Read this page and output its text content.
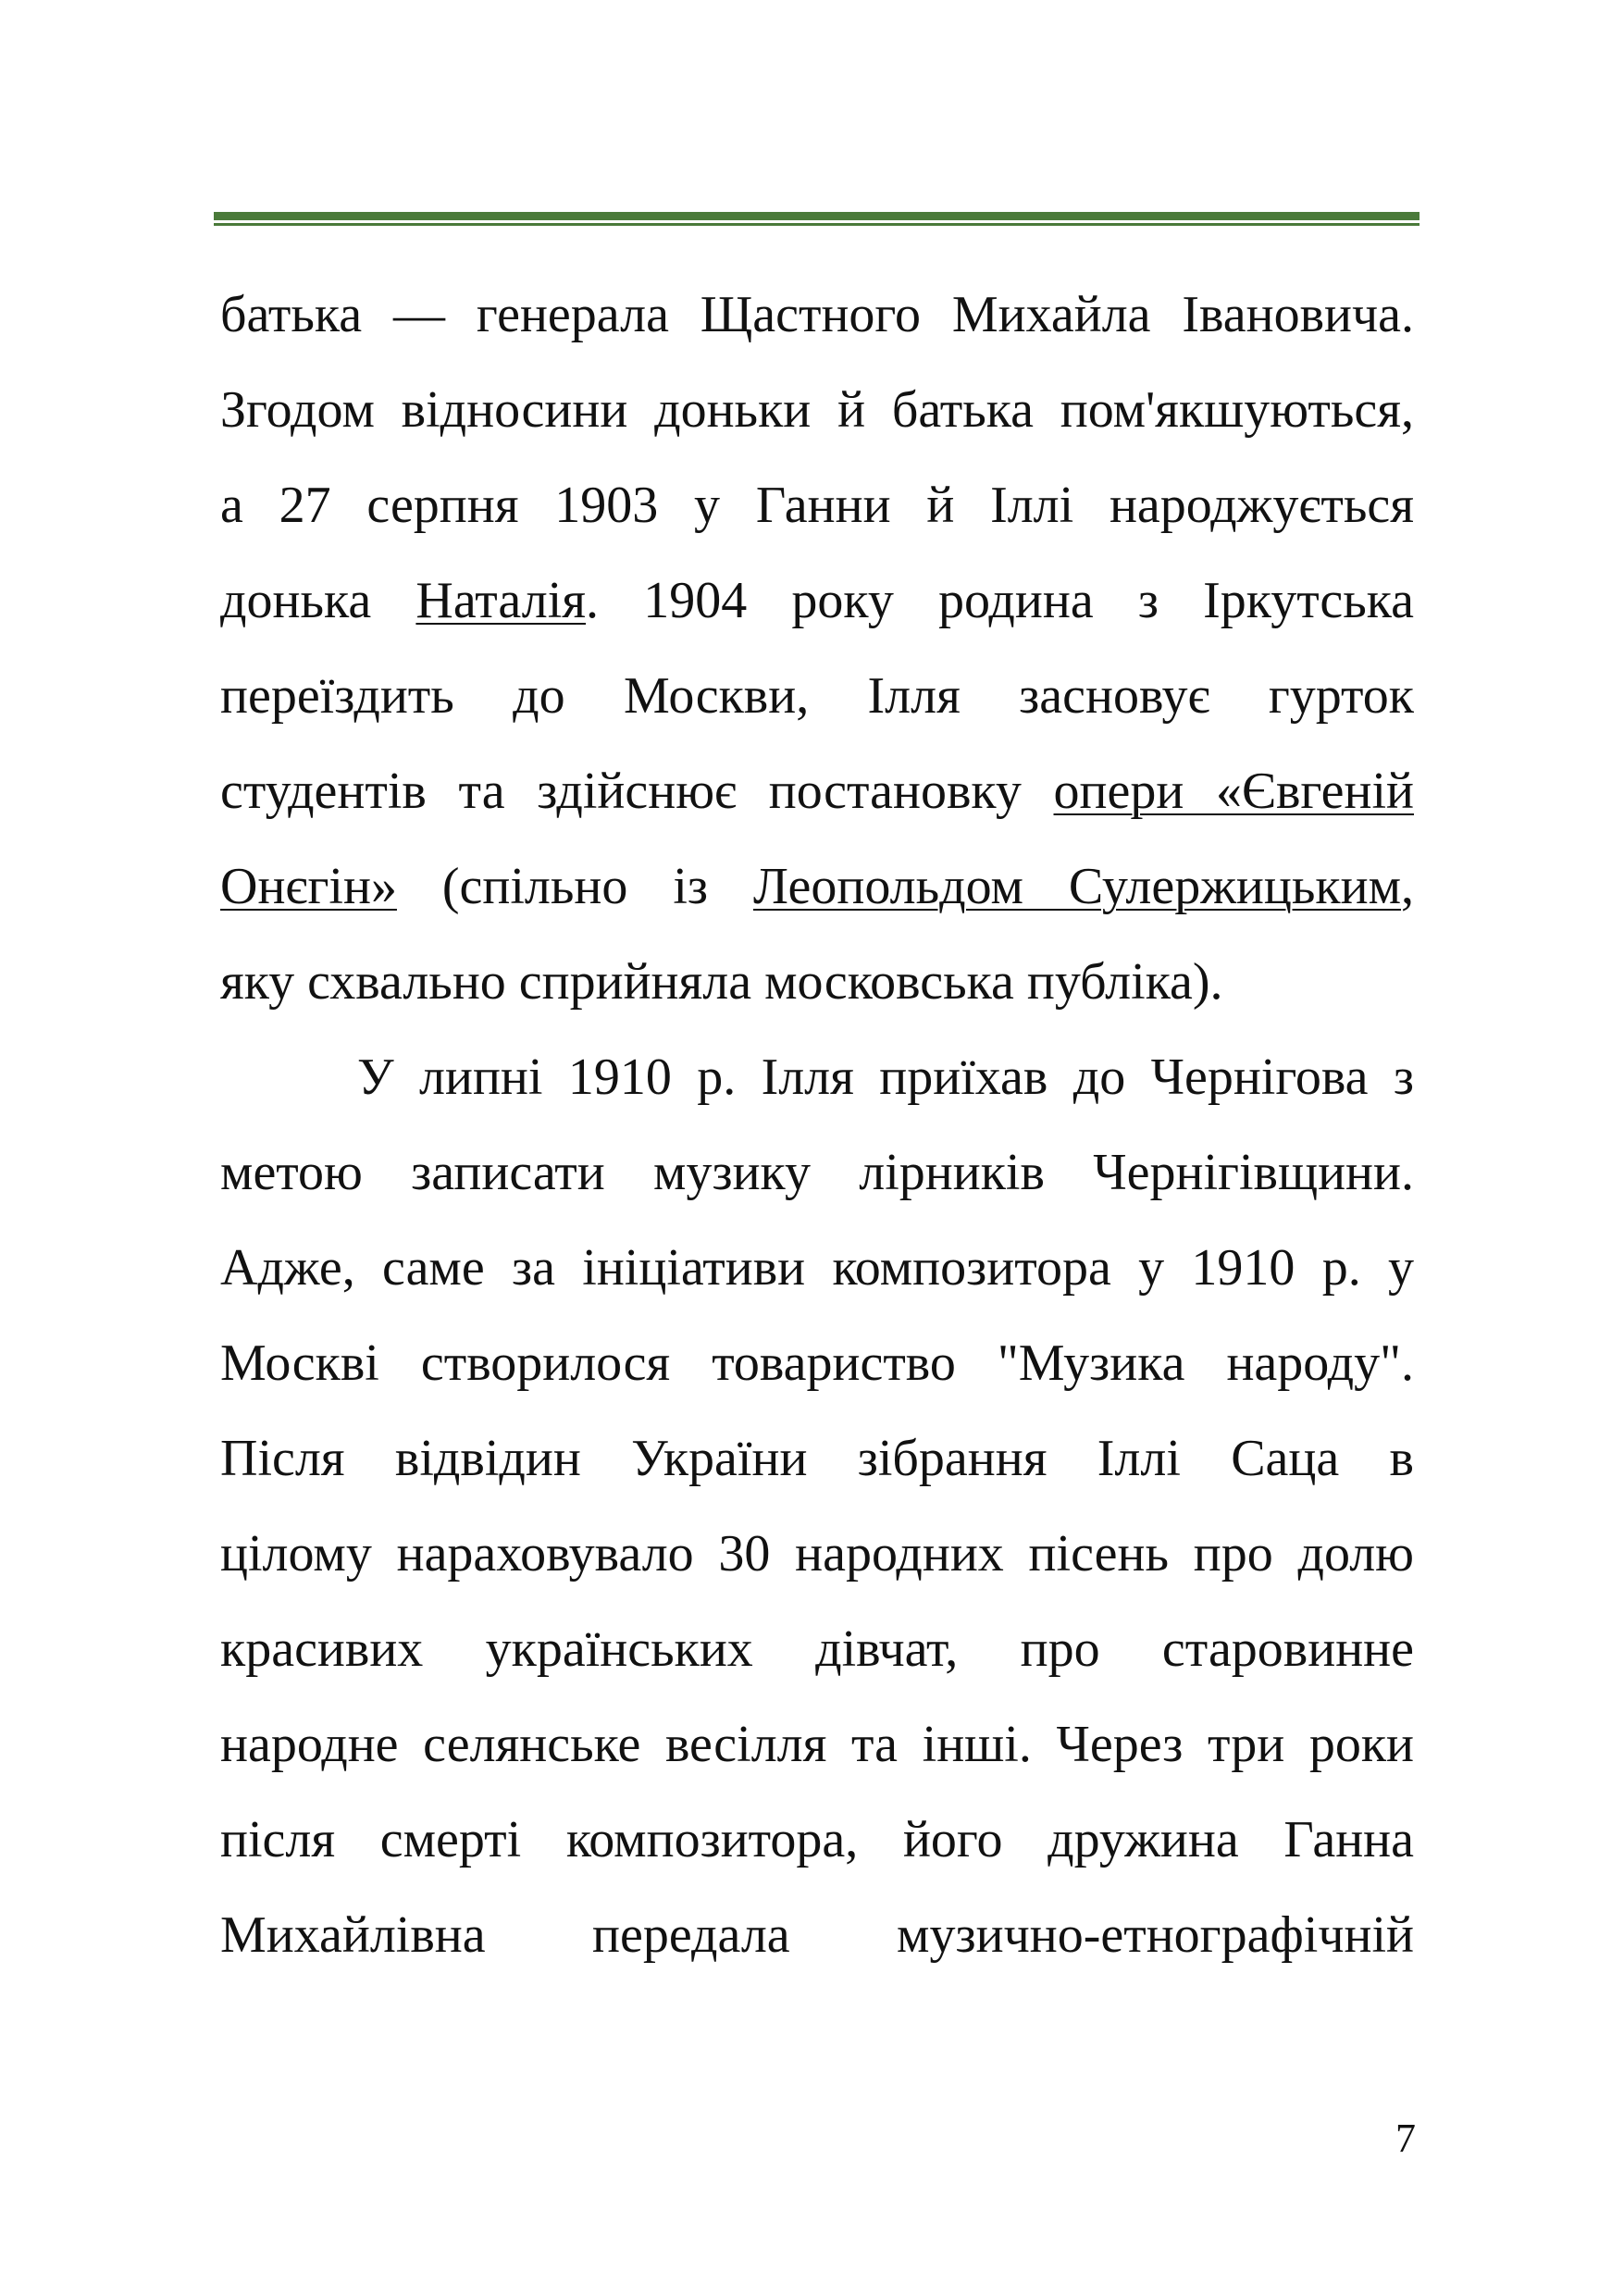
батька — генерала Щастного Михайла Івановича.
Згодом відносини доньки й батька пом'якшуються,
а 27 серпня 1903 у Ганни й Іллі народжується
донька Наталія. 1904 року родина з Іркутська
переїздить до Москви, Ілля засновує гурток
студентів та здійснює постановку опери «Євгеній
Онєгін» (спільно із Леопольдом Сулержицьким,
яку схвально сприйняла московська публіка).
У липні 1910 р. Ілля приїхав до Чернігова з
метою записати музику лірників Чернігівщини.
Адже, саме за ініціативи композитора у 1910 р. у
Москві створилося товариство "Музика народу".
Після відвідин України зібрання Іллі Саца в
цілому нараховувало 30 народних пісень про долю
красивих українських дівчат, про старовинне
народне селянське весілля та інші. Через три роки
після смерті композитора, його дружина Ганна
Михайлівна передала музично-етнографічній
7
